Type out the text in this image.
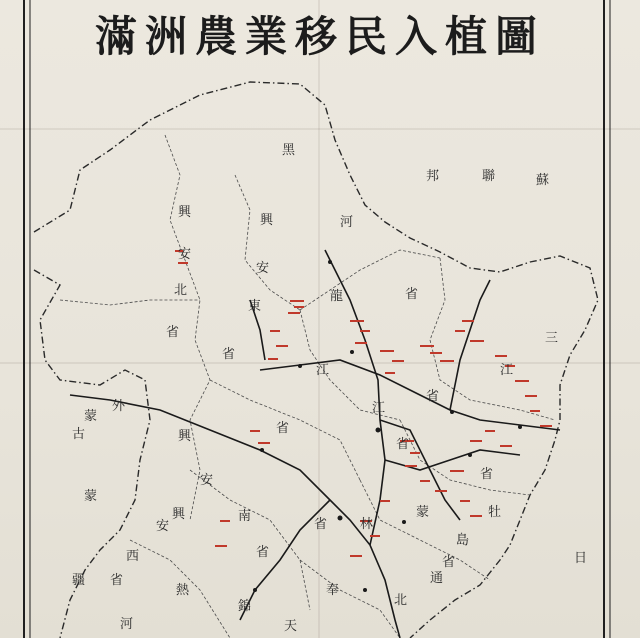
滿洲農業移民入植圖
蘇
聯
邦
黑
河
龍
江
省
興
安
北
省
興
安
東
省
三
江
省
江
省
興
安
南
省
興
安
西
省
牡
省
林
省
通
島
省
省
蒙
外
蒙
古
蒙
疆
熱
河
奉
天
錦	北
日
